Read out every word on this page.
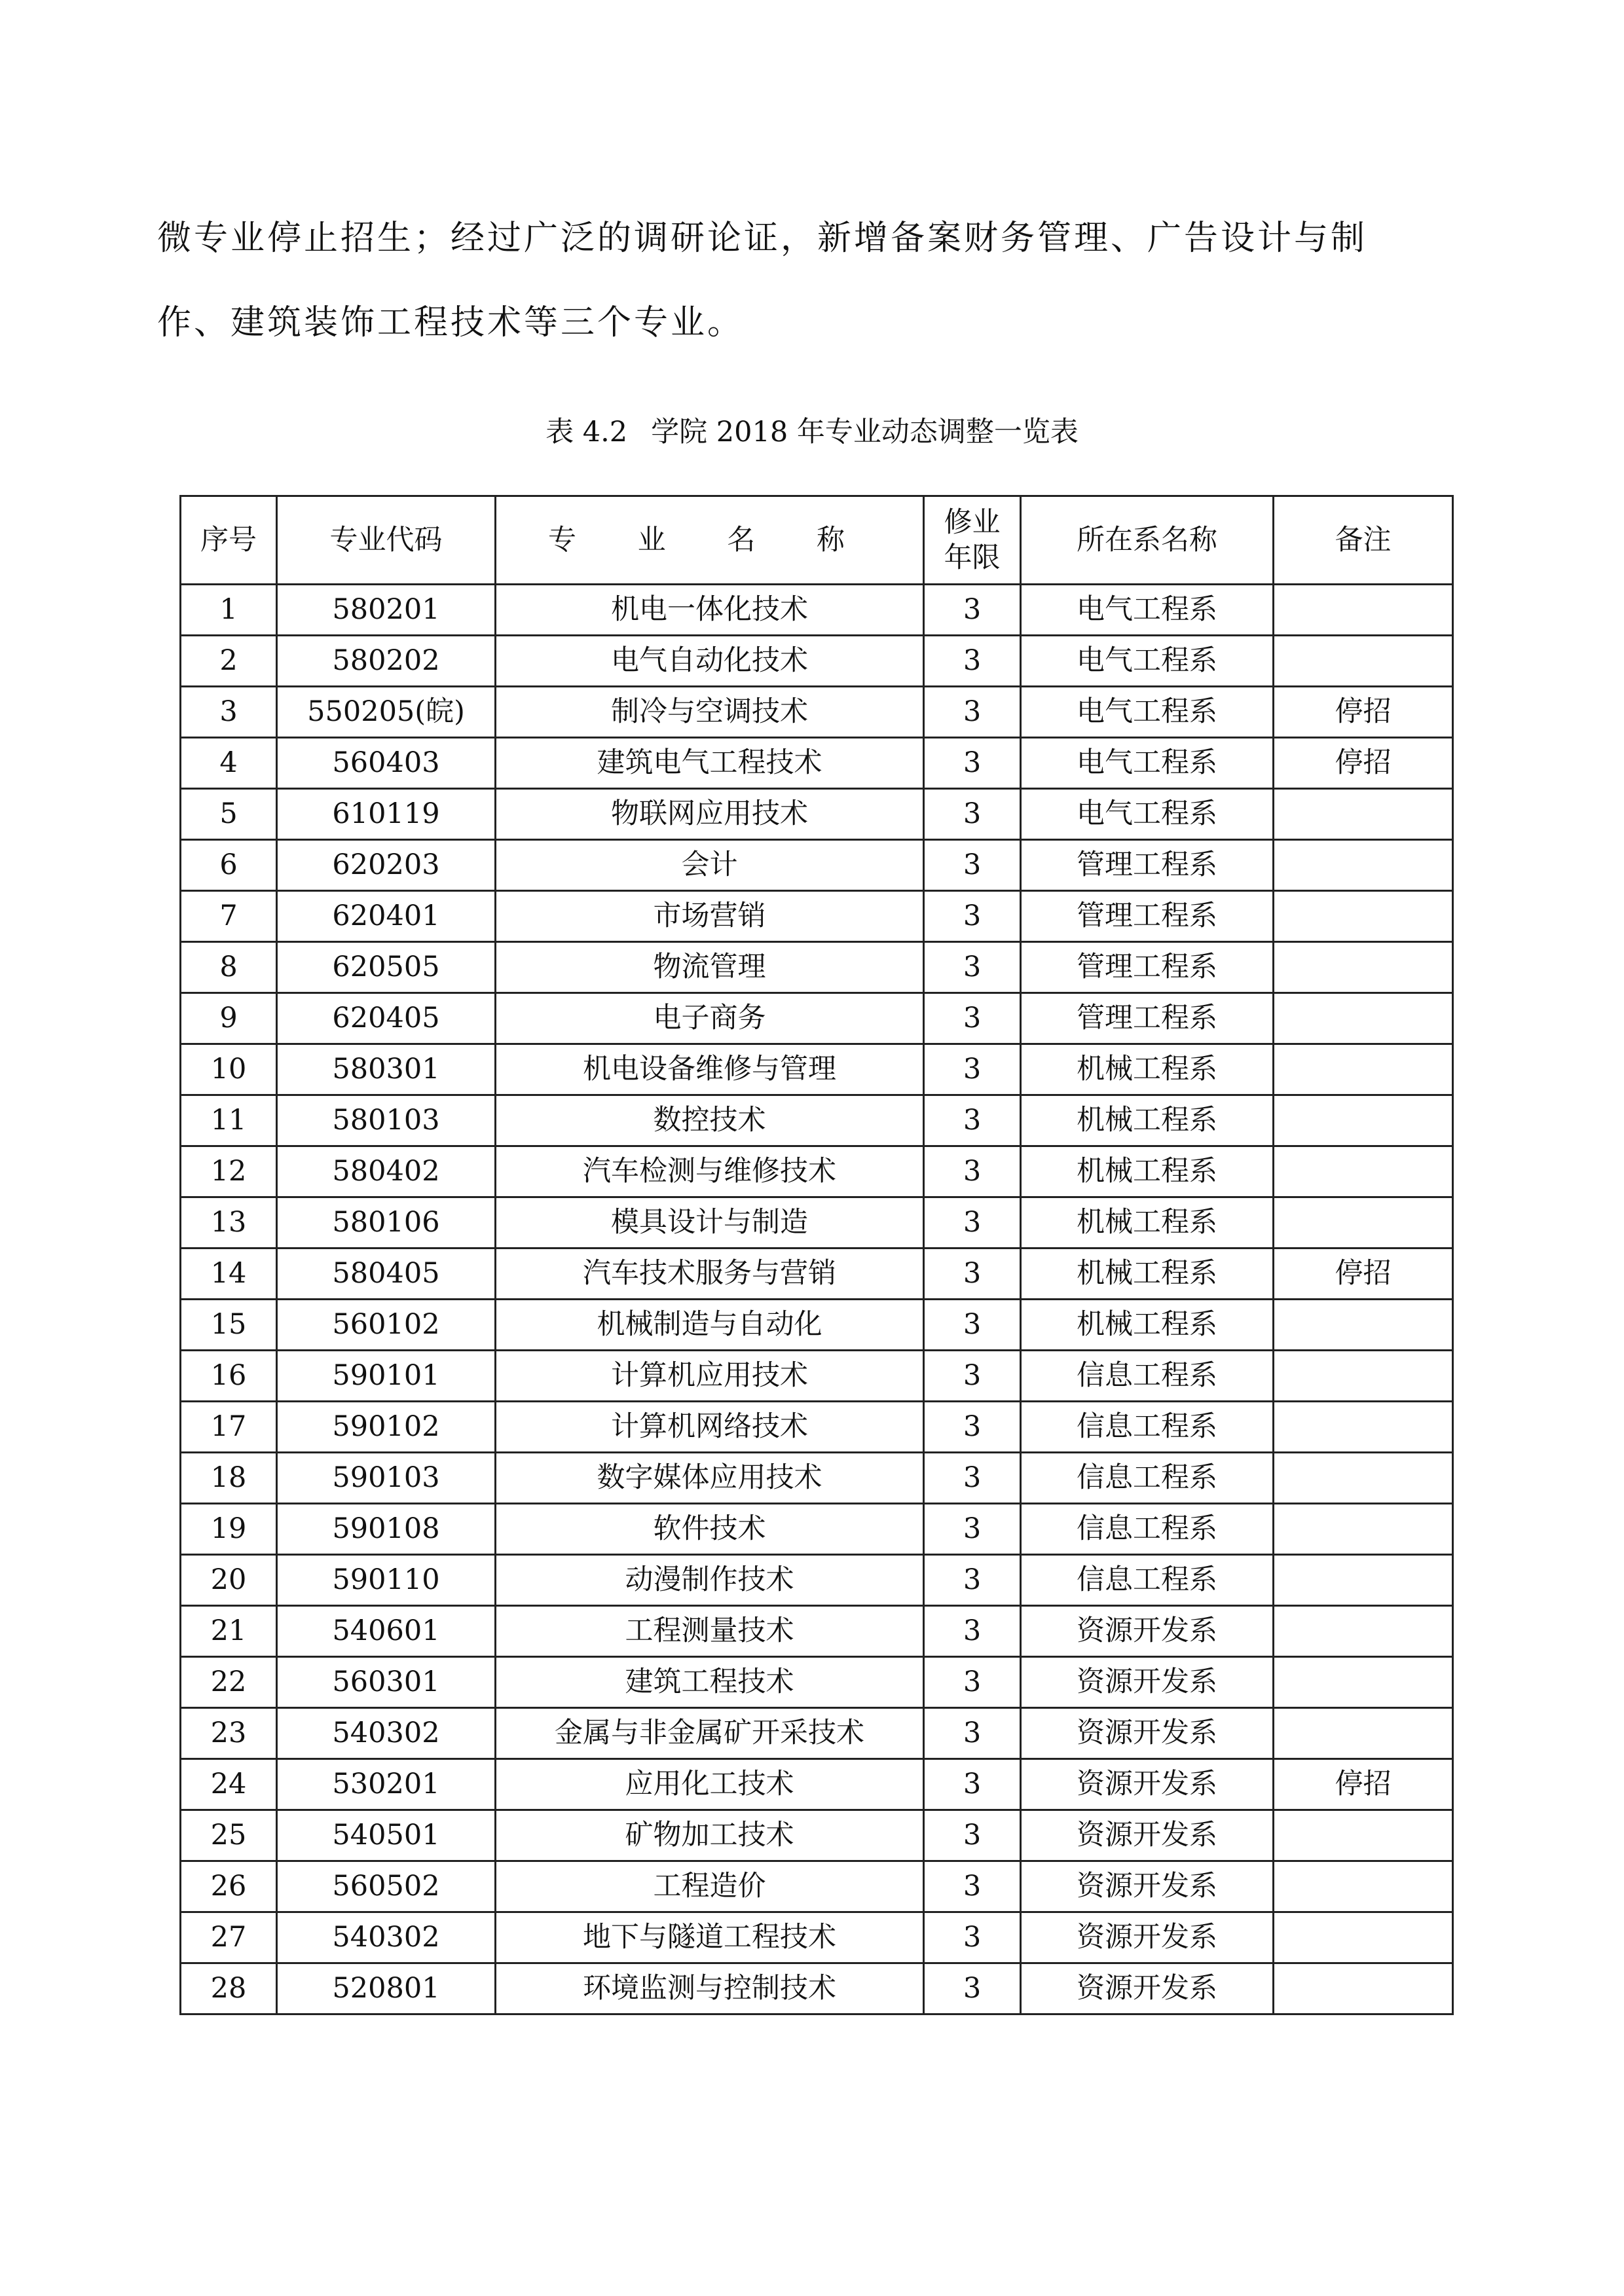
微专业停止招生；经过广泛的调研论证，新增备案财务管理、广告设计与制
作、建筑装饰工程技术等三个专业。
表 4.2 学院 2018 年专业动态调整一览表
序号	专业代码	专 业 名 称	修业
年限	所在系名称	备注
1	580201	机电一体化技术	3	电气工程系	
2	580202	电气自动化技术	3	电气工程系	
3	550205(皖)	制冷与空调技术	3	电气工程系	停招
4	560403	建筑电气工程技术	3	电气工程系	停招
5	610119	物联网应用技术	3	电气工程系	
6	620203	会计	3	管理工程系	
7	620401	市场营销	3	管理工程系	
8	620505	物流管理	3	管理工程系	
9	620405	电子商务	3	管理工程系	
10	580301	机电设备维修与管理	3	机械工程系	
11	580103	数控技术	3	机械工程系	
12	580402	汽车检测与维修技术	3	机械工程系	
13	580106	模具设计与制造	3	机械工程系	
14	580405	汽车技术服务与营销	3	机械工程系	停招
15	560102	机械制造与自动化	3	机械工程系	
16	590101	计算机应用技术	3	信息工程系	
17	590102	计算机网络技术	3	信息工程系	
18	590103	数字媒体应用技术	3	信息工程系	
19	590108	软件技术	3	信息工程系	
20	590110	动漫制作技术	3	信息工程系	
21	540601	工程测量技术	3	资源开发系	
22	560301	建筑工程技术	3	资源开发系	
23	540302	金属与非金属矿开采技术	3	资源开发系	
24	530201	应用化工技术	3	资源开发系	停招
25	540501	矿物加工技术	3	资源开发系	
26	560502	工程造价	3	资源开发系	
27	540302	地下与隧道工程技术	3	资源开发系	
28	520801	环境监测与控制技术	3	资源开发系	
